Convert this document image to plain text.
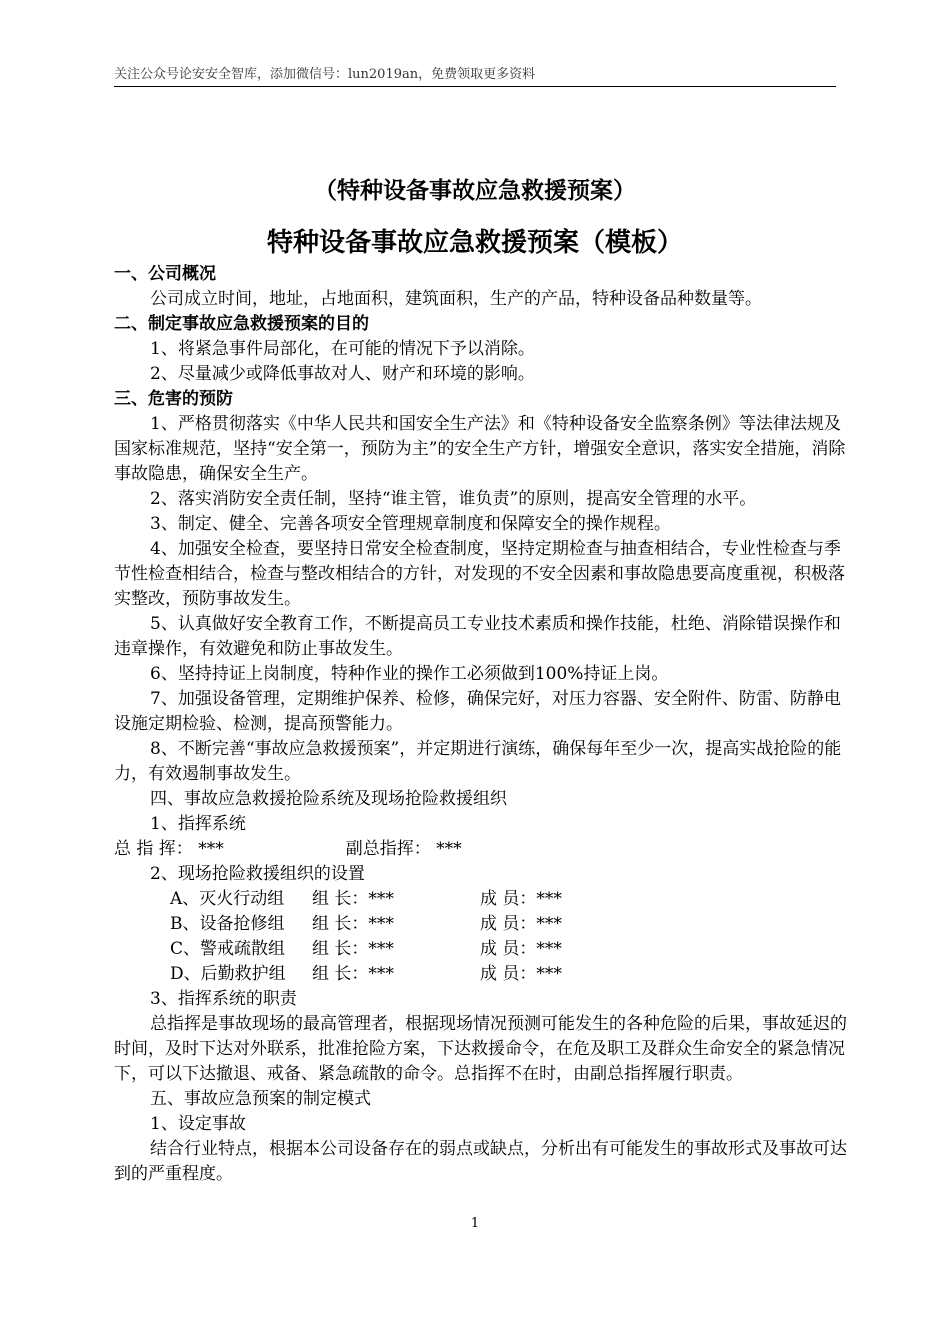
关注公众号论安安全智库，添加微信号：lun2019an，免费领取更多资料
（特种设备事故应急救援预案）
特种设备事故应急救援预案（模板）

一、公司概况

公司成立时间，地址，占地面积，建筑面积，生产的产品，特种设备品种数量等。

二、制定事故应急救援预案的目的

1、将紧急事件局部化，在可能的情况下予以消除。

2、尽量减少或降低事故对人、财产和环境的影响。

三、危害的预防

1、严格贯彻落实《中华人民共和国安全生产法》和《特种设备安全监察条例》等法律法规及国家标准规范，坚持“安全第一，预防为主”的安全生产方针，增强安全意识，落实安全措施，消除事故隐患，确保安全生产。

2、落实消防安全责任制，坚持“谁主管，谁负责”的原则，提高安全管理的水平。

3、制定、健全、完善各项安全管理规章制度和保障安全的操作规程。

4、加强安全检查，要坚持日常安全检查制度，坚持定期检查与抽查相结合，专业性检查与季节性检查相结合，检查与整改相结合的方针，对发现的不安全因素和事故隐患要高度重视，积极落实整改，预防事故发生。

5、认真做好安全教育工作，不断提高员工专业技术素质和操作技能，杜绝、消除错误操作和违章操作，有效避免和防止事故发生。

6、坚持持证上岗制度，特种作业的操作工必须做到100%持证上岗。

7、加强设备管理，定期维护保养、检修，确保完好，对压力容器、安全附件、防雷、防静电设施定期检验、检测，提高预警能力。

8、不断完善“事故应急救援预案”，并定期进行演练，确保每年至少一次，提高实战抢险的能力，有效遏制事故发生。

四、事故应急救援抢险系统及现场抢险救援组织

1、指挥系统

总 指 挥： ***	副总指挥： ***

2、现场抢险救援组织的设置

A、灭火行动组	组 长：***	成 员：***
B、设备抢修组	组 长：***	成 员：***
C、警戒疏散组	组 长：***	成 员：***
D、后勤救护组	组 长：***	成 员：***

3、指挥系统的职责

总指挥是事故现场的最高管理者，根据现场情况预测可能发生的各种危险的后果，事故延迟的时间，及时下达对外联系，批准抢险方案，下达救援命令，在危及职工及群众生命安全的紧急情况下，可以下达撤退、戒备、紧急疏散的命令。总指挥不在时，由副总指挥履行职责。

五、事故应急预案的制定模式

1、设定事故

结合行业特点，根据本公司设备存在的弱点或缺点，分析出有可能发生的事故形式及事故可达到的严重程度。

1
